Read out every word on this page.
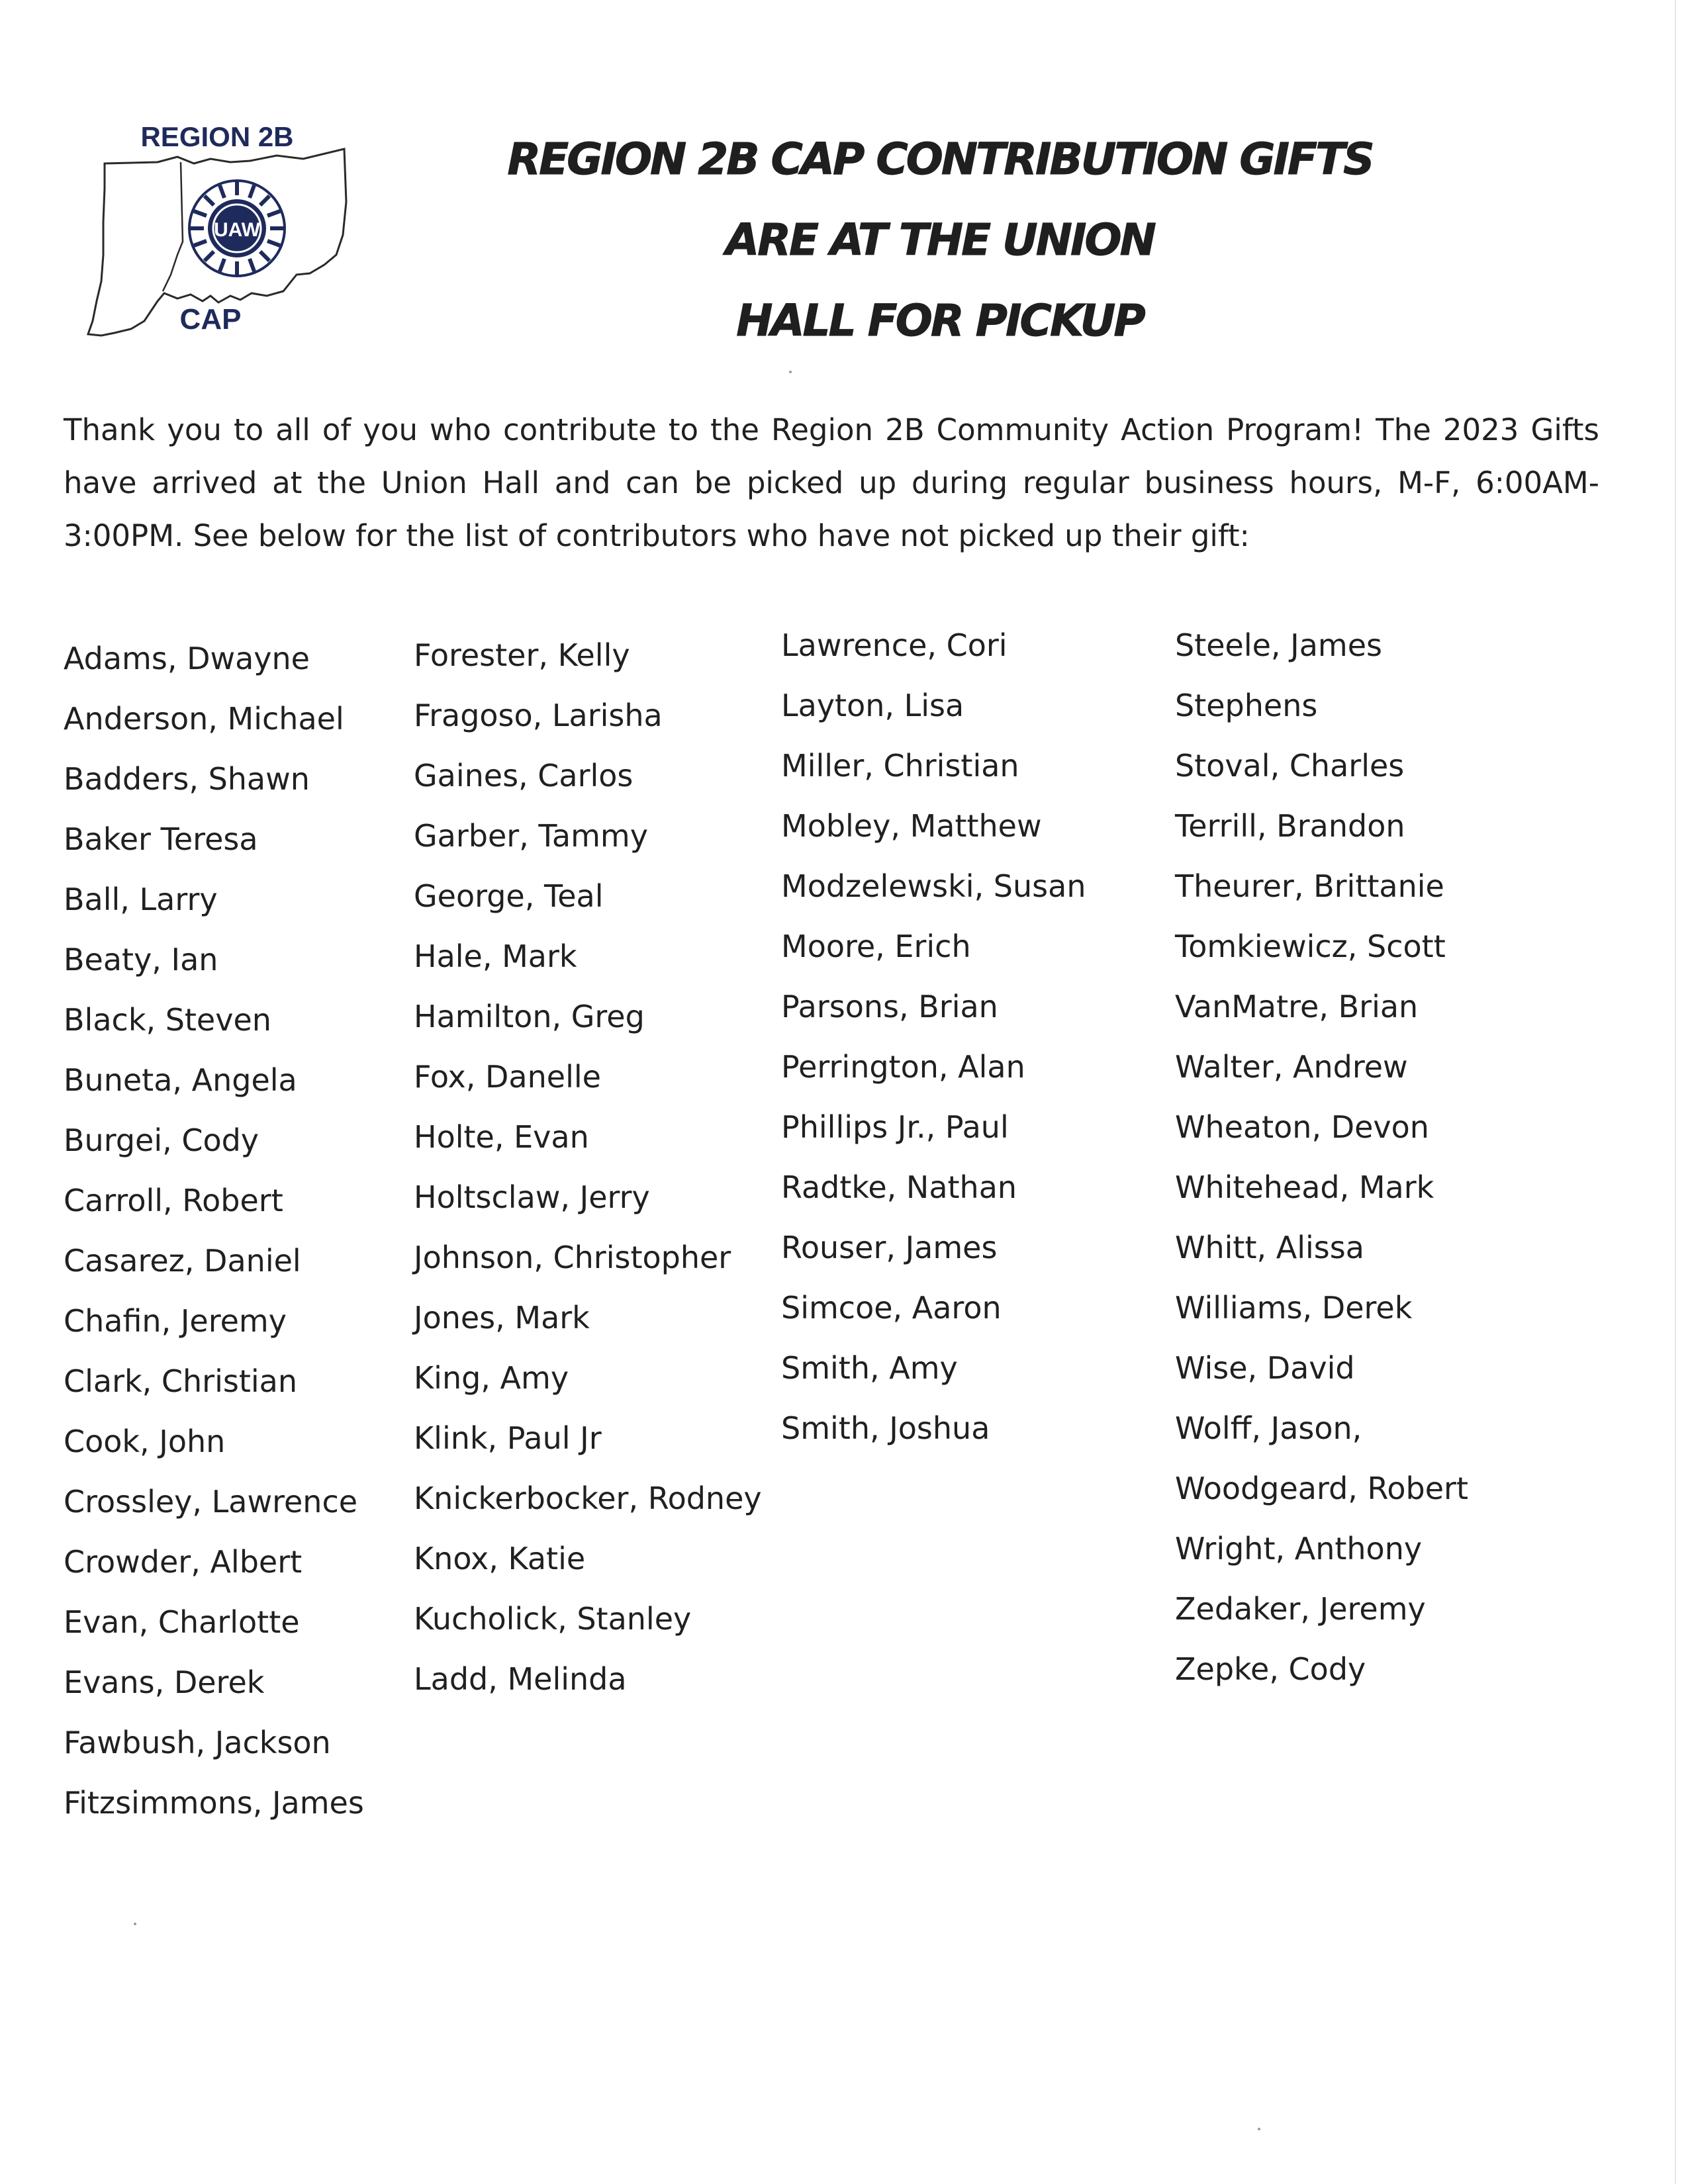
UAW
REGION 2B
CAP
REGION 2B CAP CONTRIBUTION GIFTS
ARE AT THE UNION
HALL FOR PICKUP

Thank you to all of you who contribute to the Region 2B Community Action Program! The 2023 Gifts have arrived at the Union Hall and can be picked up during regular business hours, M-F, 6:00AM-3:00PM. See below for the list of contributors who have not picked up their gift:

Adams, Dwayne
Anderson, Michael
Badders, Shawn
Baker Teresa
Ball, Larry
Beaty, Ian
Black, Steven
Buneta, Angela
Burgei, Cody
Carroll, Robert
Casarez, Daniel
Chafin, Jeremy
Clark, Christian
Cook, John
Crossley, Lawrence
Crowder, Albert
Evan, Charlotte
Evans, Derek
Fawbush, Jackson
Fitzsimmons, James
Forester, Kelly
Fragoso, Larisha
Gaines, Carlos
Garber, Tammy
George, Teal
Hale, Mark
Hamilton, Greg
Fox, Danelle
Holte, Evan
Holtsclaw, Jerry
Johnson, Christopher
Jones, Mark
King, Amy
Klink, Paul Jr
Knickerbocker, Rodney
Knox, Katie
Kucholick, Stanley
Ladd, Melinda
Lawrence, Cori
Layton, Lisa
Miller, Christian
Mobley, Matthew
Modzelewski, Susan
Moore, Erich
Parsons, Brian
Perrington, Alan
Phillips Jr., Paul
Radtke, Nathan
Rouser, James
Simcoe, Aaron
Smith, Amy
Smith, Joshua
Steele, James
Stephens
Stoval, Charles
Terrill, Brandon
Theurer, Brittanie
Tomkiewicz, Scott
VanMatre, Brian
Walter, Andrew
Wheaton, Devon
Whitehead, Mark
Whitt, Alissa
Williams, Derek
Wise, David
Wolff, Jason,
Woodgeard, Robert
Wright, Anthony
Zedaker, Jeremy
Zepke, Cody
